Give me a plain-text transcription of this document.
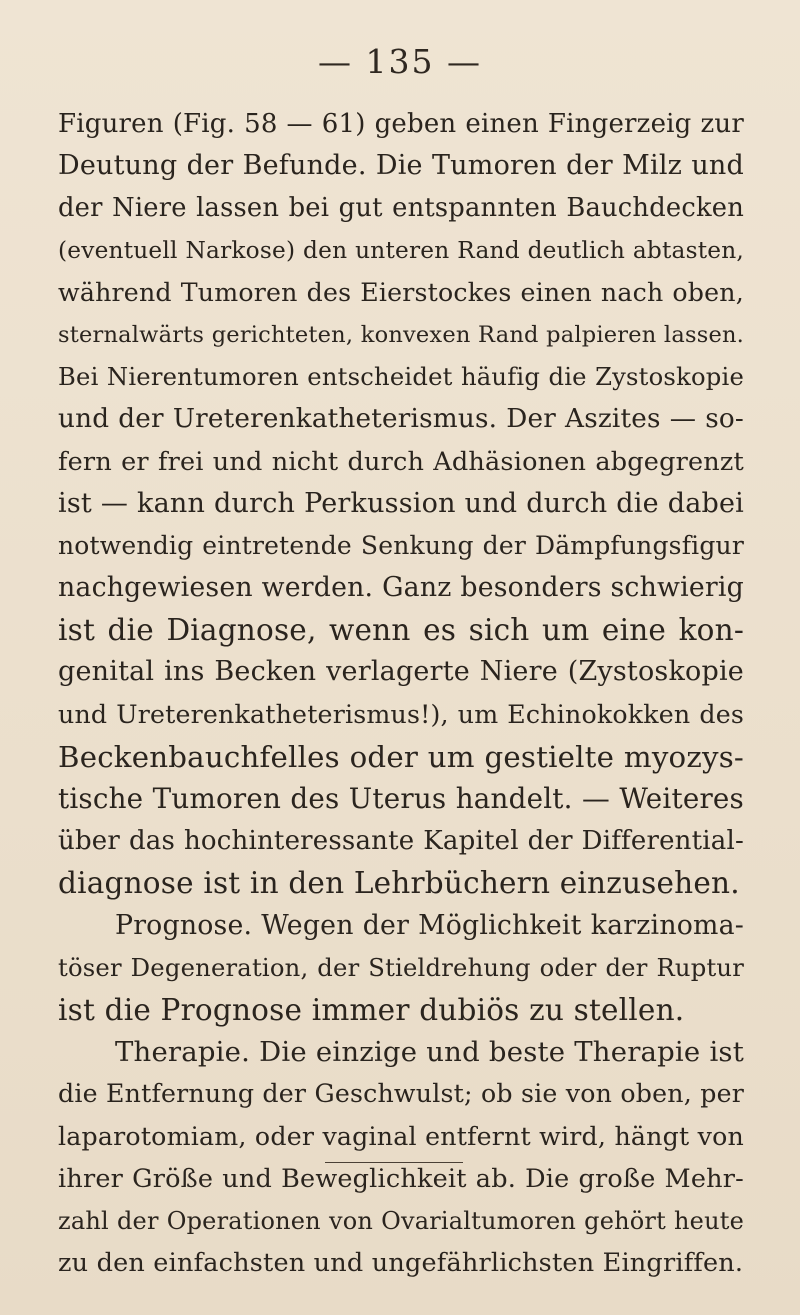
— 135 —
Figuren (Fig. 58 — 61) geben einen Fingerzeig zur
Deutung der Befunde. Die Tumoren der Milz und
der Niere lassen bei gut entspannten Bauchdecken
(eventuell Narkose) den unteren Rand deutlich abtasten,
während Tumoren des Eierstockes einen nach oben,
sternalwärts gerichteten, konvexen Rand palpieren lassen.
Bei Nierentumoren entscheidet häufig die Zystoskopie
und der Ureterenkatheterismus. Der Aszites — so-
fern er frei und nicht durch Adhäsionen abgegrenzt
ist — kann durch Perkussion und durch die dabei
notwendig eintretende Senkung der Dämpfungsfigur
nachgewiesen werden. Ganz besonders schwierig
ist die Diagnose, wenn es sich um eine kon-
genital ins Becken verlagerte Niere (Zystoskopie
und Ureterenkatheterismus!), um Echinokokken des
Beckenbauchfelles oder um gestielte myozys-
tische Tumoren des Uterus handelt. — Weiteres
über das hochinteressante Kapitel der Differential-
diagnose ist in den Lehrbüchern einzusehen.
Prognose. Wegen der Möglichkeit karzinoma-
töser Degeneration, der Stieldrehung oder der Ruptur
ist die Prognose immer dubiös zu stellen.
Therapie. Die einzige und beste Therapie ist
die Entfernung der Geschwulst; ob sie von oben, per
laparotomiam, oder vaginal entfernt wird, hängt von
ihrer Größe und Beweglichkeit ab. Die große Mehr-
zahl der Operationen von Ovarialtumoren gehört heute
zu den einfachsten und ungefährlichsten Eingriffen.
